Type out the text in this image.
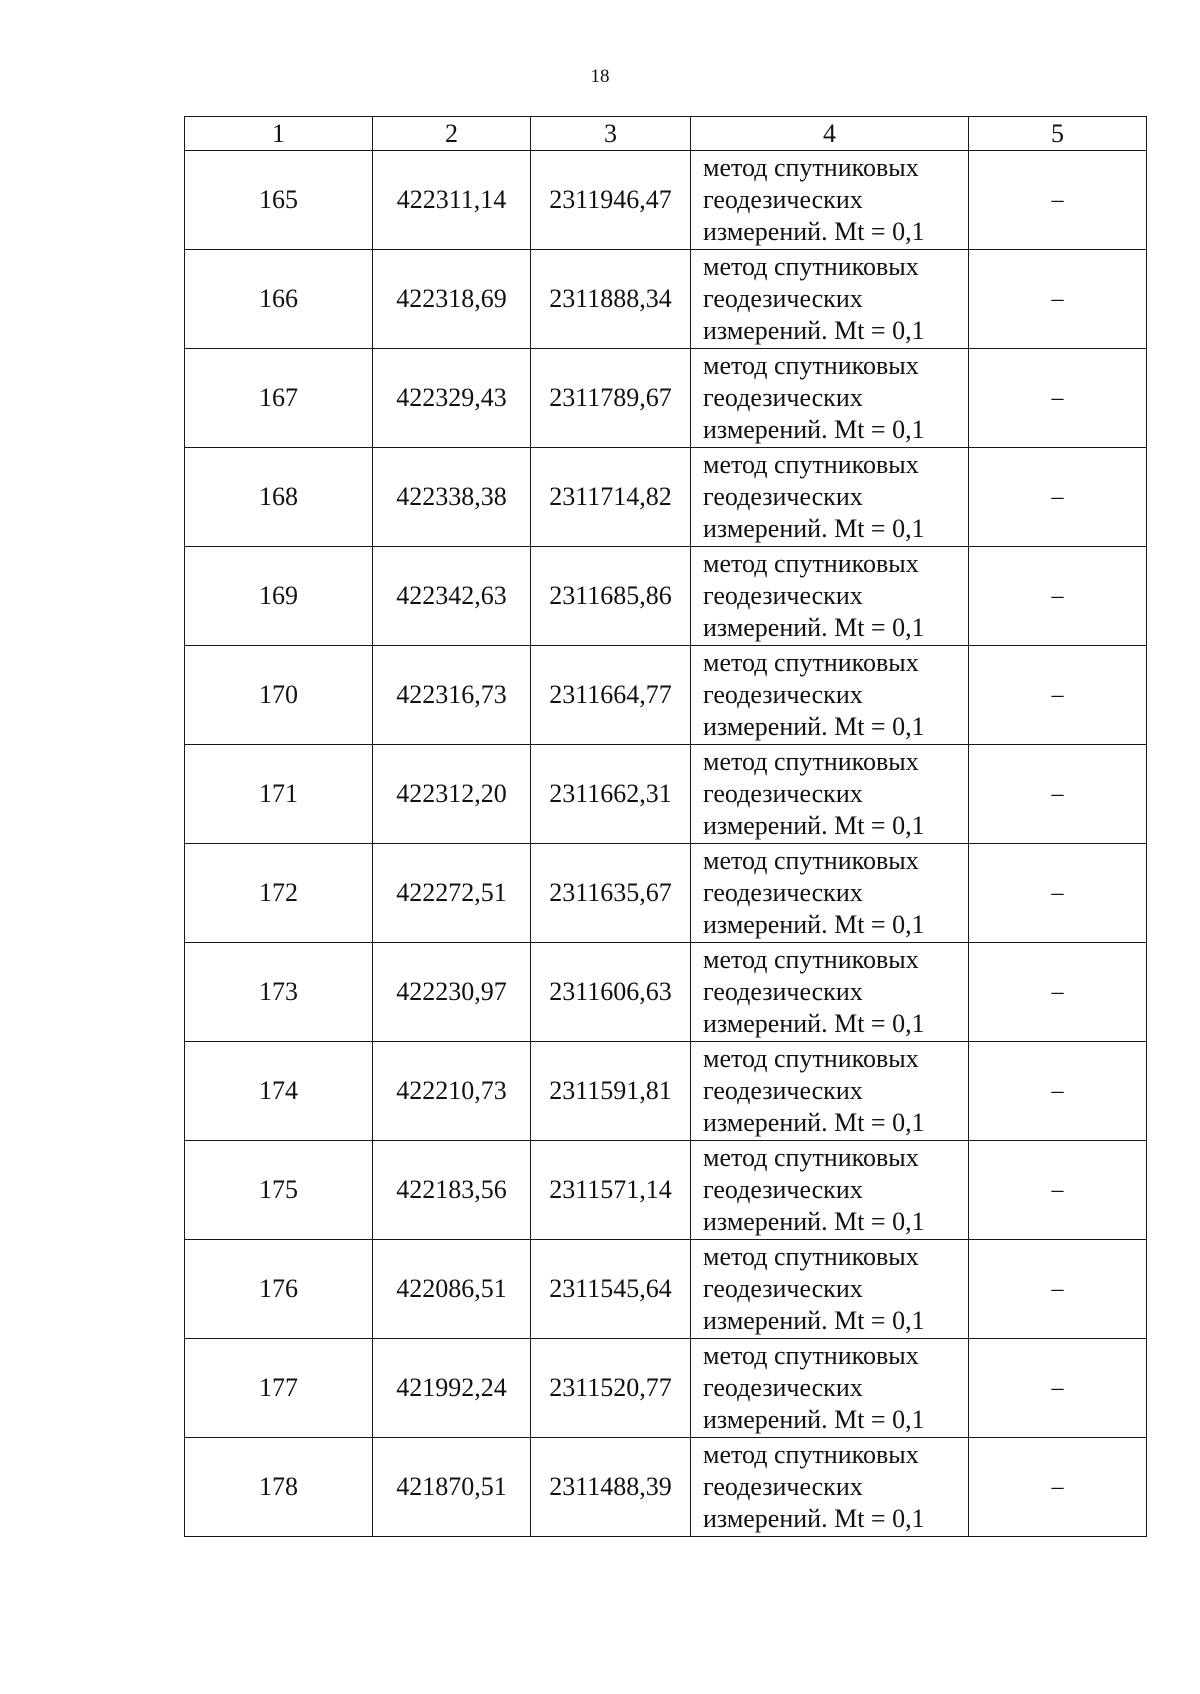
18
1	2	3	4	5
165	422311,14	2311946,47	метод спутниковых
геодезических
измерений. Mt = 0,1	–
166	422318,69	2311888,34	метод спутниковых
геодезических
измерений. Mt = 0,1	–
167	422329,43	2311789,67	метод спутниковых
геодезических
измерений. Mt = 0,1	–
168	422338,38	2311714,82	метод спутниковых
геодезических
измерений. Mt = 0,1	–
169	422342,63	2311685,86	метод спутниковых
геодезических
измерений. Mt = 0,1	–
170	422316,73	2311664,77	метод спутниковых
геодезических
измерений. Mt = 0,1	–
171	422312,20	2311662,31	метод спутниковых
геодезических
измерений. Mt = 0,1	–
172	422272,51	2311635,67	метод спутниковых
геодезических
измерений. Mt = 0,1	–
173	422230,97	2311606,63	метод спутниковых
геодезических
измерений. Mt = 0,1	–
174	422210,73	2311591,81	метод спутниковых
геодезических
измерений. Mt = 0,1	–
175	422183,56	2311571,14	метод спутниковых
геодезических
измерений. Mt = 0,1	–
176	422086,51	2311545,64	метод спутниковых
геодезических
измерений. Mt = 0,1	–
177	421992,24	2311520,77	метод спутниковых
геодезических
измерений. Mt = 0,1	–
178	421870,51	2311488,39	метод спутниковых
геодезических
измерений. Mt = 0,1	–
